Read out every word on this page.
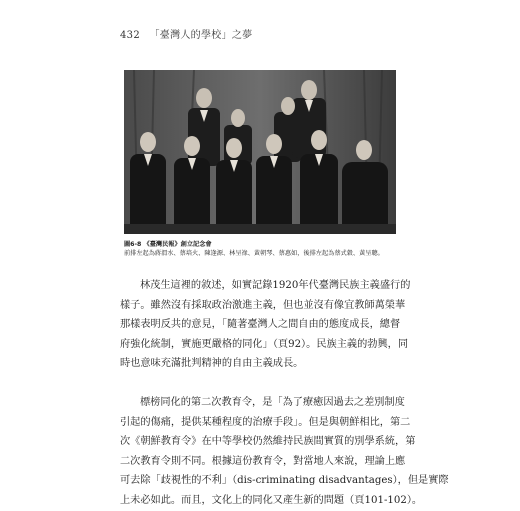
432 「臺灣人的學校」之夢
圖6-8 《臺灣民報》創立記念會
前排左起為蔣渭水、蔡培火、陳逢源、林呈祿、黃朝琴、蔡惠如，後排左起為蔡式穀、黃呈聰。

林茂生這裡的敘述，如實記錄1920年代臺灣民族主義盛行的
樣子。雖然沒有採取政治激進主義，但也並沒有像宜教師萬榮華
那樣表明反共的意見，「隨著臺灣人之間自由的態度成長，總督
府強化統制，實施更嚴格的同化」（頁92）。民族主義的勃興，同
時也意味充滿批判精神的自由主義成長。

標榜同化的第二次教育令，是「為了療癒因過去之差別制度
引起的傷痛，提供某種程度的治療手段」。但是與朝鮮相比，第二
次《朝鮮教育令》在中等學校仍然維持民族間實質的別學系統，第
二次教育令則不同。根據這份教育令，對當地人來說，理論上應
可去除「歧視性的不利」（dis-criminating disadvantages），但是實際
上未必如此。而且，文化上的同化又產生新的問題（頁101-102）。
